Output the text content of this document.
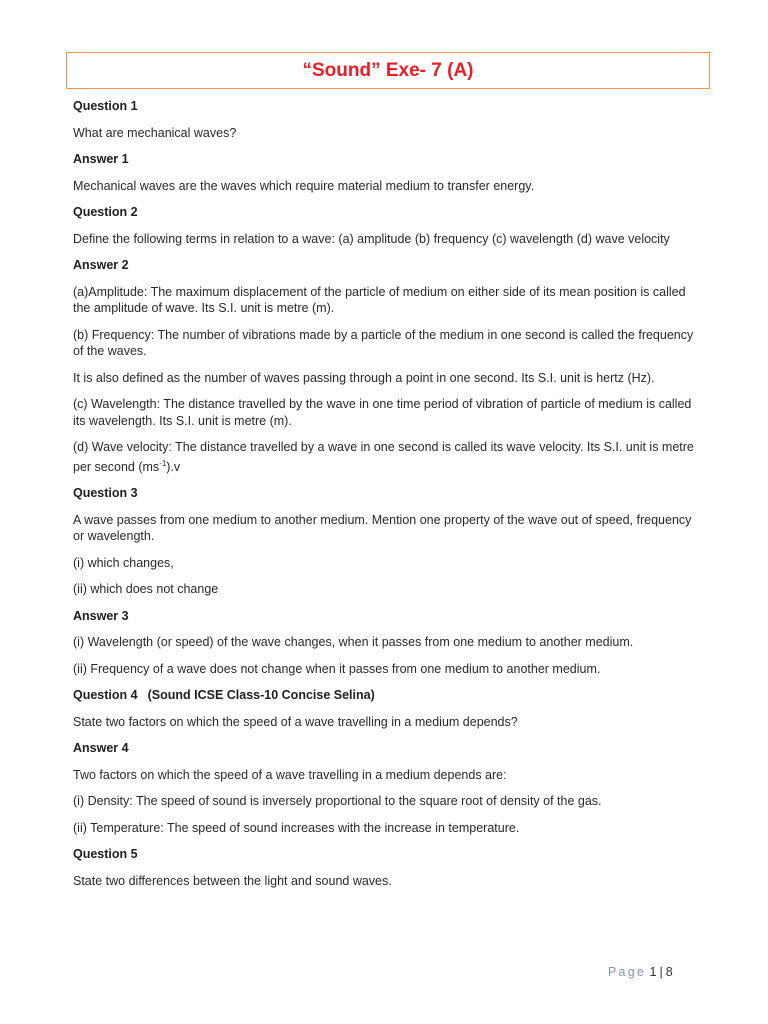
“Sound” Exe- 7 (A)

Question 1

What are mechanical waves?

Answer 1

Mechanical waves are the waves which require material medium to transfer energy.

Question 2

Define the following terms in relation to a wave: (a) amplitude (b) frequency (c) wavelength (d) wave velocity

Answer 2

(a)Amplitude: The maximum displacement of the particle of medium on either side of its mean position is called the amplitude of wave. Its S.I. unit is metre (m).

(b) Frequency: The number of vibrations made by a particle of the medium in one second is called the frequency of the waves.

It is also defined as the number of waves passing through a point in one second. Its S.I. unit is hertz (Hz).

(c) Wavelength: The distance travelled by the wave in one time period of vibration of particle of medium is called its wavelength. Its S.I. unit is metre (m).

(d) Wave velocity: The distance travelled by a wave in one second is called its wave velocity. Its S.I. unit is metre per second $(ms^{-1}).v$

Question 3

A wave passes from one medium to another medium. Mention one property of the wave out of speed, frequency or wavelength.

(i) which changes,

(ii) which does not change

Answer 3

(i) Wavelength (or speed) of the wave changes, when it passes from one medium to another medium.

(ii) Frequency of a wave does not change when it passes from one medium to another medium.

Question 4 (Sound ICSE Class-10 Concise Selina)

State two factors on which the speed of a wave travelling in a medium depends?

Answer 4

Two factors on which the speed of a wave travelling in a medium depends are:

(i) Density: The speed of sound is inversely proportional to the square root of density of the gas.

(ii) Temperature: The speed of sound increases with the increase in temperature.

Question 5

State two differences between the light and sound waves.

Page 1 | 8
